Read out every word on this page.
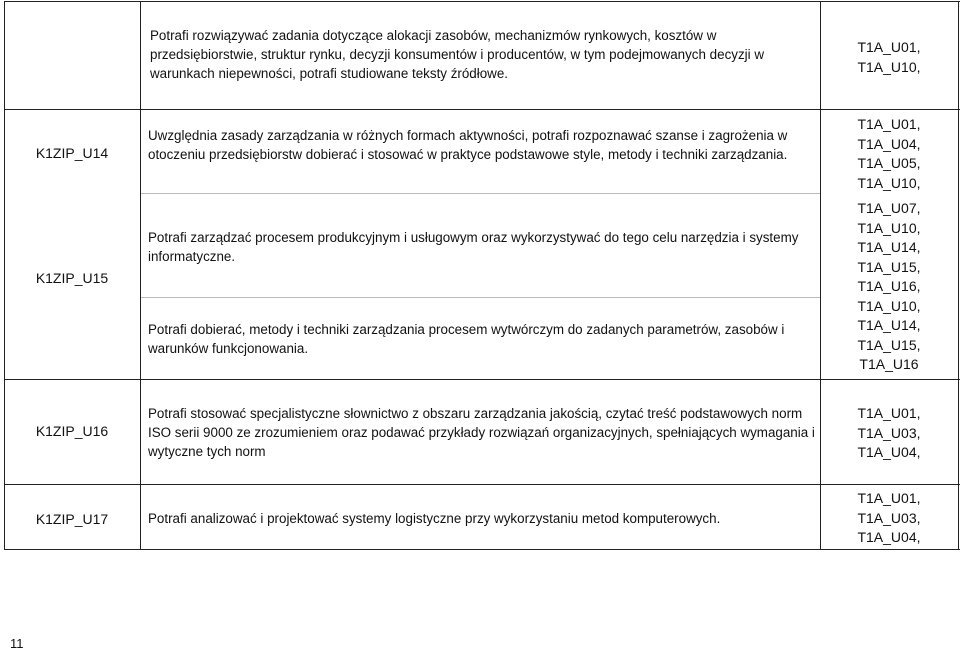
Potrafi rozwiązywać zadania dotyczące alokacji zasobów, mechanizmów rynkowych, kosztów w przedsiębiorstwie, struktur rynku, decyzji konsumentów i producentów, w tym podejmowanych decyzji w warunkach niepewności, potrafi studiowane teksty źródłowe.
T1A_U01,
T1A_U10,
K1ZIP_U14
Uwzględnia zasady zarządzania w różnych formach aktywności, potrafi rozpoznawać szanse i zagrożenia w otoczeniu przedsiębiorstw dobierać i stosować w praktyce podstawowe style, metody i techniki zarządzania.
T1A_U01,
T1A_U04,
T1A_U05,
T1A_U10,
K1ZIP_U15
Potrafi zarządzać procesem produkcyjnym i usługowym oraz wykorzystywać do tego celu narzędzia i systemy informatyczne.
Potrafi dobierać, metody i techniki zarządzania procesem wytwórczym do zadanych parametrów, zasobów i warunków funkcjonowania.
T1A_U07,
T1A_U10,
T1A_U14,
T1A_U15,
T1A_U16,
T1A_U10,
T1A_U14,
T1A_U15,
T1A_U16
K1ZIP_U16
Potrafi stosować specjalistyczne słownictwo z obszaru zarządzania jakością, czytać treść podstawowych norm ISO serii 9000 ze zrozumieniem oraz podawać przykłady rozwiązań organizacyjnych, spełniających wymagania i wytyczne tych norm
T1A_U01,
T1A_U03,
T1A_U04,
K1ZIP_U17	Potrafi analizować i projektować systemy logistyczne przy wykorzystaniu metod komputerowych.
T1A_U01,
T1A_U03,
T1A_U04,
11
